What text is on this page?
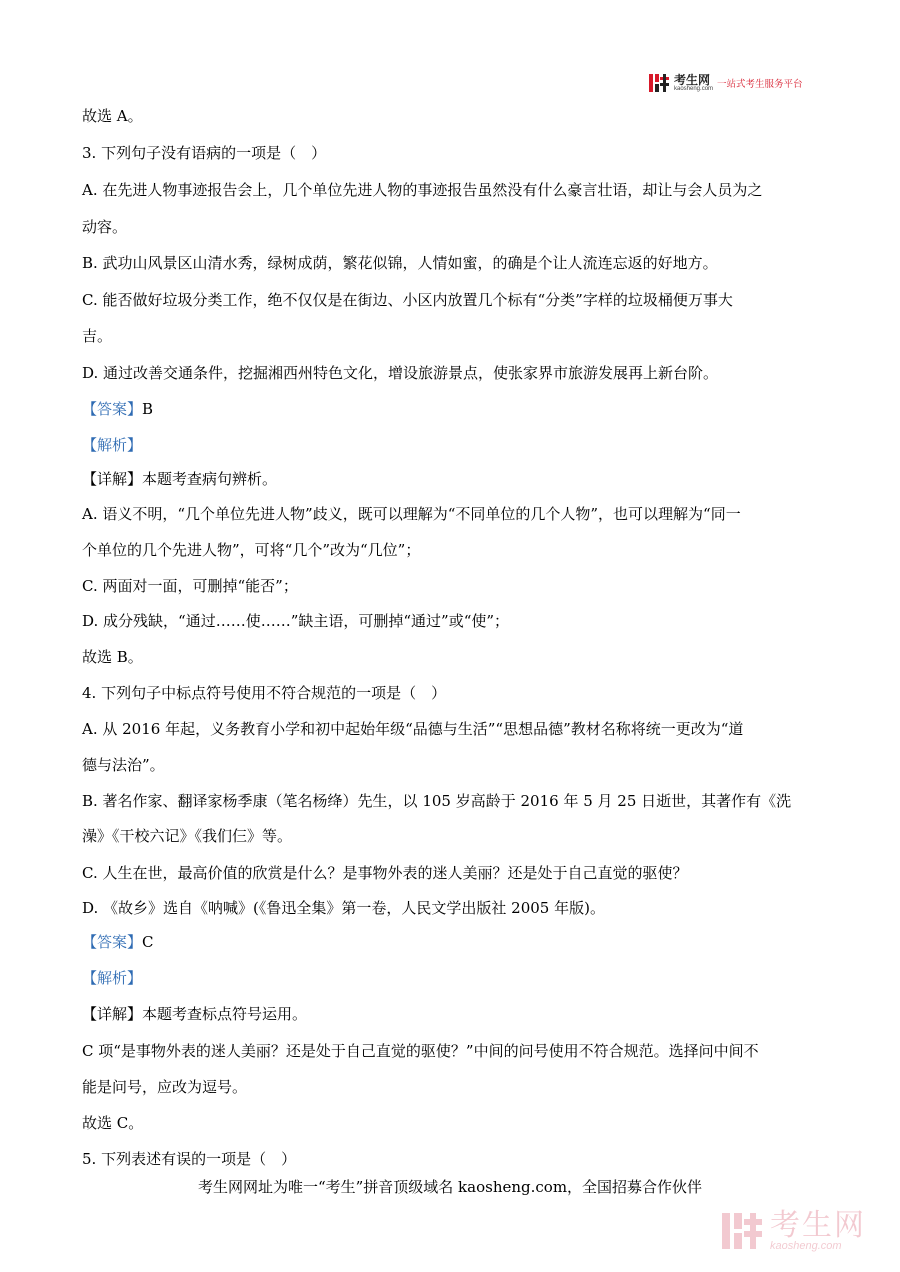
考生网
kaosheng.com 一站式考生服务平台
故选 A。
3. 下列句子没有语病的一项是（　）
A. 在先进人物事迹报告会上，几个单位先进人物的事迹报告虽然没有什么豪言壮语，却让与会人员为之
动容。
B. 武功山风景区山清水秀，绿树成荫，繁花似锦，人情如蜜，的确是个让人流连忘返的好地方。
C. 能否做好垃圾分类工作，绝不仅仅是在街边、小区内放置几个标有“分类”字样的垃圾桶便万事大
吉。
D. 通过改善交通条件，挖掘湘西州特色文化，增设旅游景点，使张家界市旅游发展再上新台阶。
【答案】B
【解析】
【详解】本题考查病句辨析。
A. 语义不明，“几个单位先进人物”歧义，既可以理解为“不同单位的几个人物”，也可以理解为“同一
个单位的几个先进人物”，可将“几个”改为“几位”；
C. 两面对一面，可删掉“能否”；
D. 成分残缺，“通过……使……”缺主语，可删掉“通过”或“使”；
故选 B。
4. 下列句子中标点符号使用不符合规范的一项是（　）
A. 从 2016 年起，义务教育小学和初中起始年级“品德与生活”“思想品德”教材名称将统一更改为“道
德与法治”。
B. 著名作家、翻译家杨季康（笔名杨绛）先生，以 105 岁高龄于 2016 年 5 月 25 日逝世，其著作有《洗
澡》《干校六记》《我们仨》等。
C. 人生在世，最高价值的欣赏是什么？是事物外表的迷人美丽？还是处于自己直觉的驱使？
D. 《故乡》选自《呐喊》(《鲁迅全集》第一卷，人民文学出版社 2005 年版)。
【答案】C
【解析】
【详解】本题考查标点符号运用。
C 项“是事物外表的迷人美丽？还是处于自己直觉的驱使？”中间的问号使用不符合规范。选择问中间不
能是问号，应改为逗号。
故选 C。
5. 下列表述有误的一项是（　）
考生网网址为唯一“考生”拼音顶级域名 kaosheng.com，全国招募合作伙伴
考生网
kaosheng.com
